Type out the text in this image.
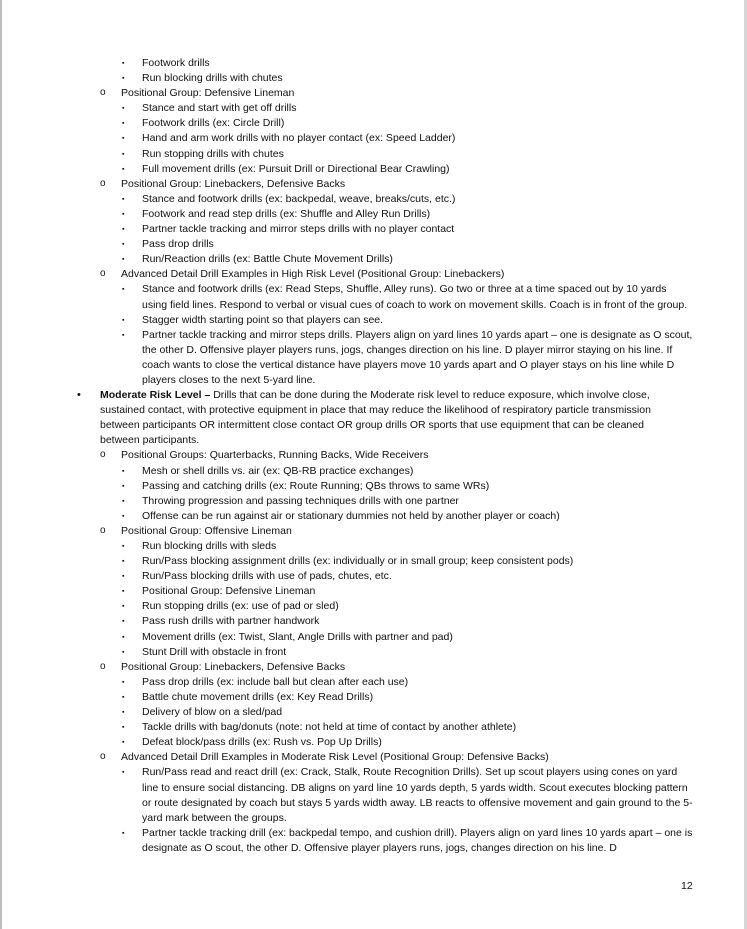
▪ Footwork drills
▪ Run blocking drills with chutes
o Positional Group: Defensive Lineman
▪ Stance and start with get off drills
▪ Footwork drills (ex: Circle Drill)
▪ Hand and arm work drills with no player contact (ex: Speed Ladder)
▪ Run stopping drills with chutes
▪ Full movement drills (ex: Pursuit Drill or Directional Bear Crawling)
o Positional Group: Linebackers, Defensive Backs
▪ Stance and footwork drills (ex: backpedal, weave, breaks/cuts, etc.)
▪ Footwork and read step drills (ex: Shuffle and Alley Run Drills)
▪ Partner tackle tracking and mirror steps drills with no player contact
▪ Pass drop drills
▪ Run/Reaction drills (ex: Battle Chute Movement Drills)
o Advanced Detail Drill Examples in High Risk Level (Positional Group: Linebackers)
▪ Stance and footwork drills (ex: Read Steps, Shuffle, Alley runs). Go two or three at a time spaced out by 10 yards using field lines. Respond to verbal or visual cues of coach to work on movement skills. Coach is in front of the group.
▪ Stagger width starting point so that players can see.
▪ Partner tackle tracking and mirror steps drills. Players align on yard lines 10 yards apart – one is designate as O scout, the other D. Offensive player players runs, jogs, changes direction on his line. D player mirror staying on his line. If coach wants to close the vertical distance have players move 10 yards apart and O player stays on his line while D players closes to the next 5-yard line.
• Moderate Risk Level – Drills that can be done during the Moderate risk level to reduce exposure, which involve close, sustained contact, with protective equipment in place that may reduce the likelihood of respiratory particle transmission between participants OR intermittent close contact OR group drills OR sports that use equipment that can be cleaned between participants.
o Positional Groups: Quarterbacks, Running Backs, Wide Receivers
▪ Mesh or shell drills vs. air (ex: QB-RB practice exchanges)
▪ Passing and catching drills (ex: Route Running; QBs throws to same WRs)
▪ Throwing progression and passing techniques drills with one partner
▪ Offense can be run against air or stationary dummies not held by another player or coach)
o Positional Group: Offensive Lineman
▪ Run blocking drills with sleds
▪ Run/Pass blocking assignment drills (ex: individually or in small group; keep consistent pods)
▪ Run/Pass blocking drills with use of pads, chutes, etc.
▪ Positional Group: Defensive Lineman
▪ Run stopping drills (ex: use of pad or sled)
▪ Pass rush drills with partner handwork
▪ Movement drills (ex: Twist, Slant, Angle Drills with partner and pad)
▪ Stunt Drill with obstacle in front
o Positional Group: Linebackers, Defensive Backs
▪ Pass drop drills (ex: include ball but clean after each use)
▪ Battle chute movement drills (ex: Key Read Drills)
▪ Delivery of blow on a sled/pad
▪ Tackle drills with bag/donuts (note: not held at time of contact by another athlete)
▪ Defeat block/pass drills (ex: Rush vs. Pop Up Drills)
o Advanced Detail Drill Examples in Moderate Risk Level (Positional Group: Defensive Backs)
▪ Run/Pass read and react drill (ex: Crack, Stalk, Route Recognition Drills). Set up scout players using cones on yard line to ensure social distancing. DB aligns on yard line 10 yards depth, 5 yards width. Scout executes blocking pattern or route designated by coach but stays 5 yards width away. LB reacts to offensive movement and gain ground to the 5-yard mark between the groups.
▪ Partner tackle tracking drill (ex: backpedal tempo, and cushion drill). Players align on yard lines 10 yards apart – one is designate as O scout, the other D. Offensive player players runs, jogs, changes direction on his line. D
12
